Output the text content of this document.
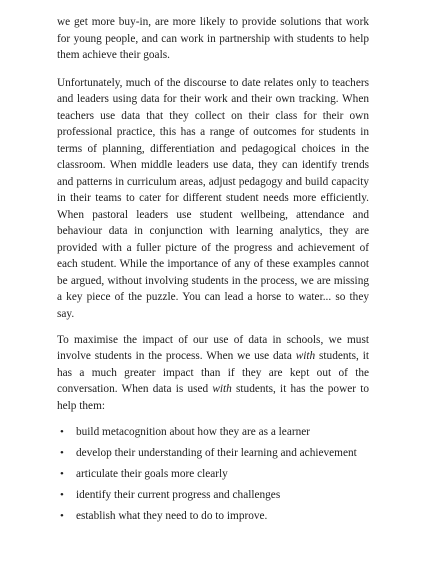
we get more buy-in, are more likely to provide solutions that work for young people, and can work in partnership with students to help them achieve their goals.

Unfortunately, much of the discourse to date relates only to teachers and leaders using data for their work and their own tracking. When teachers use data that they collect on their class for their own professional practice, this has a range of outcomes for students in terms of planning, differentiation and pedagogical choices in the classroom. When middle leaders use data, they can identify trends and patterns in curriculum areas, adjust pedagogy and build capacity in their teams to cater for different student needs more efficiently. When pastoral leaders use student wellbeing, attendance and behaviour data in conjunction with learning analytics, they are provided with a fuller picture of the progress and achievement of each student. While the importance of any of these examples cannot be argued, without involving students in the process, we are missing a key piece of the puzzle. You can lead a horse to water... so they say.

To maximise the impact of our use of data in schools, we must involve students in the process. When we use data with students, it has a much greater impact than if they are kept out of the conversation. When data is used with students, it has the power to help them:

• build metacognition about how they are as a learner
• develop their understanding of their learning and achievement
• articulate their goals more clearly
• identify their current progress and challenges
• establish what they need to do to improve.
